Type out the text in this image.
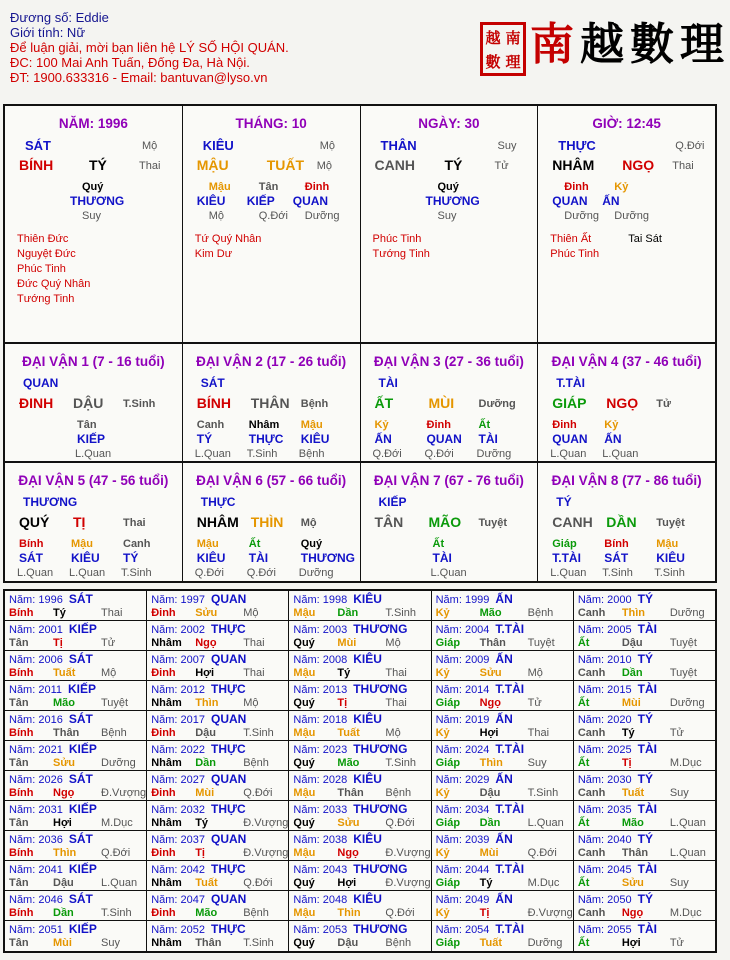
Đương số: Eddie
Giới tính: Nữ
Để luận giải, mời bạn liên hệ LÝ SỐ HỘI QUÁN.
ĐC: 100 Mai Anh Tuấn, Đống Đa, Hà Nội.
ĐT: 1900.633316 - Email: bantuvan@lyso.vn
越 南
數 理 南越數理
NĂM: 1996
SÁT	Mộ
BÍNH	TÝ	Thai
Quý
THƯƠNG
Suy
Thiên Đức
Nguyệt Đức
Phúc Tinh
Đức Quý Nhân
Tướng Tinh
THÁNG: 10
KIÊU	Mộ
MẬU	TUẤT Mộ
Mậu
KIÊU
Mộ
Tân
KIẾP
Q.Đới
Đinh
QUAN
Dưỡng
Tứ Quý Nhân
Kim Dư
NGÀY: 30
THÂN	Suy
CANH TÝ	Tử
Quý
THƯƠNG
Suy
Phúc Tinh
Tướng Tinh
GIỜ: 12:45
THỰC	Q.Đới
NHÂM NGỌ Thai
Đinh
QUAN
Dưỡng
Kỷ
ẤN
Dưỡng
Thiên Ất
Phúc Tinh
Tai Sát
ĐẠI VẬN 1 (7 - 16 tuổi)
QUAN
ĐINH DẬU T.Sinh
Tân
KIẾP
L.Quan
ĐẠI VẬN 2 (17 - 26 tuổi)
SÁT
BÍNH THÂN Bệnh
Canh
TÝ
L.Quan
Nhâm
THỰC
T.Sinh
Mậu
KIÊU
Bệnh
ĐẠI VẬN 3 (27 - 36 tuổi)
TÀI
ẤT	MÙI Dưỡng
Kỷ
ẤN
Q.Đới
Đinh
QUAN
Q.Đới
Ất
TÀI
Dưỡng
ĐẠI VẬN 4 (37 - 46 tuổi)
T.TÀI
GIÁP NGỌ Tử
Đinh
QUAN
L.Quan
Kỷ
ẤN
L.Quan
ĐẠI VẬN 5 (47 - 56 tuổi)
THƯƠNG
QUÝ TỊ	Thai
Bính
SÁT
L.Quan
Mậu
KIÊU
L.Quan
Canh
TÝ
T.Sinh
ĐẠI VẬN 6 (57 - 66 tuổi)
THỰC
NHÂM THÌN Mộ
Mậu
KIÊU
Q.Đới
Ất
TÀI
Q.Đới
Quý
THƯƠNG
Dưỡng
ĐẠI VẬN 7 (67 - 76 tuổi)
KIẾP
TÂN MÃO Tuyệt
Ất
TÀI
L.Quan
ĐẠI VẬN 8 (77 - 86 tuổi)
TÝ
CANH DẦN Tuyệt
Giáp
T.TÀI
L.Quan
Bính
SÁT
T.Sinh
Mậu
KIÊU
T.Sinh
Năm: 1996 SÁT
Bính Tý	Thai
Năm: 1997 QUAN
Đinh Sửu Mộ
Năm: 1998 KIÊU
Mậu Dần T.Sinh
Năm: 1999 ẤN
Kỷ	Mão Bệnh
Năm: 2000 TÝ
Canh Thìn Dưỡng
Năm: 2001 KIẾP
Tân Tị	Tử
Năm: 2002 THỰC
Nhâm Ngọ Thai
Năm: 2003 THƯƠNG
Quý Mùi	Mộ
Năm: 2004 T.TÀI
Giáp Thân Tuyệt
Năm: 2005 TÀI
Ất	Dậu Tuyệt
Năm: 2006 SÁT
Bính Tuất Mộ
Năm: 2007 QUAN
Đinh Hợi	Thai
Năm: 2008 KIÊU
Mậu Tý	Thai
Năm: 2009 ẤN
Kỷ	Sửu Mộ
Năm: 2010 TÝ
Canh Dần Tuyệt
Năm: 2011 KIẾP
Tân Mão Tuyệt
Năm: 2012 THỰC
Nhâm Thìn Mộ
Năm: 2013 THƯƠNG
Quý Tị	Thai
Năm: 2014 T.TÀI
Giáp Ngọ Tử
Năm: 2015 TÀI
Ất	Mùi	Dưỡng
Năm: 2016 SÁT
Bính Thân Bệnh
Năm: 2017 QUAN
Đinh Dậu T.Sinh
Năm: 2018 KIÊU
Mậu Tuất Mộ
Năm: 2019 ẤN
Kỷ	Hợi	Thai
Năm: 2020 TÝ
Canh Tý	Tử
Năm: 2021 KIẾP
Tân Sửu Dưỡng
Năm: 2022 THỰC
Nhâm Dần Bệnh
Năm: 2023 THƯƠNG
Quý Mão T.Sinh
Năm: 2024 T.TÀI
Giáp Thìn Suy
Năm: 2025 TÀI
Ất	Tị	M.Dục
Năm: 2026 SÁT
Bính Ngọ Đ.Vượng
Năm: 2027 QUAN
Đinh Mùi	Q.Đới
Năm: 2028 KIÊU
Mậu Thân Bệnh
Năm: 2029 ẤN
Kỷ	Dậu T.Sinh
Năm: 2030 TÝ
Canh Tuất Suy
Năm: 2031 KIẾP
Tân Hợi	M.Dục
Năm: 2032 THỰC
Nhâm Tý	Đ.Vượng
Năm: 2033 THƯƠNG
Quý Sửu Q.Đới
Năm: 2034 T.TÀI
Giáp Dần L.Quan
Năm: 2035 TÀI
Ất	Mão L.Quan
Năm: 2036 SÁT
Bính Thìn Q.Đới
Năm: 2037 QUAN
Đinh Tị	Đ.Vượng
Năm: 2038 KIÊU
Mậu Ngọ Đ.Vượng
Năm: 2039 ẤN
Kỷ	Mùi	Q.Đới
Năm: 2040 TÝ
Canh Thân L.Quan
Năm: 2041 KIẾP
Tân Dậu L.Quan
Năm: 2042 THỰC
Nhâm Tuất Q.Đới
Năm: 2043 THƯƠNG
Quý Hợi	Đ.Vượng
Năm: 2044 T.TÀI
Giáp Tý	M.Dục
Năm: 2045 TÀI
Ất	Sửu Suy
Năm: 2046 SÁT
Bính Dần T.Sinh
Năm: 2047 QUAN
Đinh Mão Bệnh
Năm: 2048 KIÊU
Mậu Thìn Q.Đới
Năm: 2049 ẤN
Kỷ	Tị	Đ.Vượng
Năm: 2050 TÝ
Canh Ngọ M.Dục
Năm: 2051 KIẾP
Tân Mùi	Suy
Năm: 2052 THỰC
Nhâm Thân T.Sinh
Năm: 2053 THƯƠNG
Quý Dậu Bệnh
Năm: 2054 T.TÀI
Giáp Tuất Dưỡng
Năm: 2055 TÀI
Ất	Hợi	Tử
